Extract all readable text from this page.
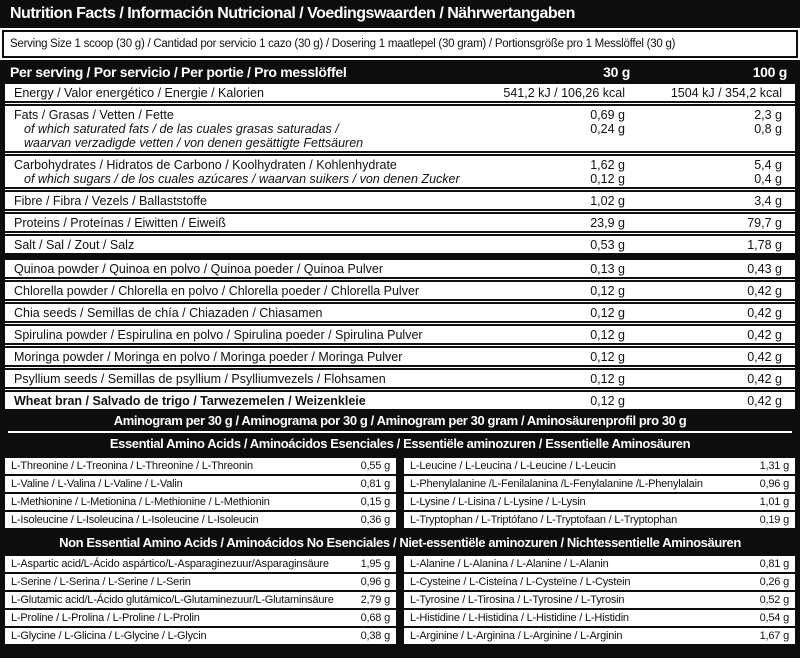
Nutrition Facts / Información Nutricional / Voedingswaarden / Nährwertangaben
Serving Size 1 scoop (30 g) / Cantidad por servicio 1 cazo (30 g) / Dosering 1 maatlepel (30 gram) / Portionsgröße pro 1 Messlöffel (30 g)
Per serving / Por servicio / Per portie / Pro messlöffel	30 g	100 g
Energy / Valor energético / Energie / Kalorien	541,2 kJ / 106,26 kcal	1504 kJ / 354,2 kcal
Fats / Grasas / Vetten / Fette	0,69 g	2,3 g
of which saturated fats / de las cuales grasas saturadas /	0,24 g	0,8 g
waarvan verzadigde vetten / von denen gesättigte Fettsäuren
Carbohydrates / Hidratos de Carbono / Koolhydraten / Kohlenhydrate	1,62 g	5,4 g
of which sugars / de los cuales azúcares / waarvan suikers / von denen Zucker	0,12 g	0,4 g
Fibre / Fibra / Vezels / Ballaststoffe	1,02 g	3,4 g
Proteins / Proteínas / Eiwitten / Eiweiß	23,9 g	79,7 g
Salt / Sal / Zout / Salz	0,53 g	1,78 g
Quinoa powder / Quinoa en polvo / Quinoa poeder / Quinoa Pulver	0,13 g	0,43 g
Chlorella powder / Chlorella en polvo / Chlorella poeder / Chlorella Pulver	0,12 g	0,42 g
Chia seeds / Semillas de chía / Chiazaden / Chiasamen	0,12 g	0,42 g
Spirulina powder / Espirulina en polvo / Spirulina poeder / Spirulina Pulver	0,12 g	0,42 g
Moringa powder / Moringa en polvo / Moringa poeder / Moringa Pulver	0,12 g	0,42 g
Psyllium seeds / Semillas de psyllium / Psylliumvezels / Flohsamen	0,12 g	0,42 g
Wheat bran / Salvado de trigo / Tarwezemelen / Weizenkleie	0,12 g	0,42 g
Aminogram per 30 g / Aminograma por 30 g / Aminogram per 30 gram / Aminosäurenprofil pro 30 g
Essential Amino Acids / Aminoácidos Esenciales / Essentiële aminozuren / Essentielle Aminosäuren
L-Threonine / L-Treonina / L-Threonine / L-Threonin	0,55 g L-Leucine / L-Leucina / L-Leucine / L-Leucin	1,31 g
L-Valine / L-Valina / L-Valine / L-Valin	0,81 g L-Phenylalanine /L-Fenilalanina /L-Fenylalanine /L-Phenylalain	0,96 g
L-Methionine / L-Metionina / L-Methionine / L-Methionin	0,15 g L-Lysine / L-Lisina / L-Lysine / L-Lysin	1,01 g
L-Isoleucine / L-Isoleucina / L-Isoleucine / L-Isoleucin	0,36 g L-Tryptophan / L-Triptófano / L-Tryptofaan / L-Tryptophan	0,19 g
Non Essential Amino Acids / Aminoácidos No Esenciales / Niet-essentiële aminozuren / Nichtessentielle Aminosäuren
L-Aspartic acid/L-Ácido aspártico/L-Asparaginezuur/Asparaginsäure	1,95 g L-Alanine / L-Alanina / L-Alanine / L-Alanin	0,81 g
L-Serine / L-Serina / L-Serine / L-Serin	0,96 g L-Cysteine / L-Cisteína / L-Cysteïne / L-Cystein	0,26 g
L-Glutamic acid/L-Ácido glutámico/L-Glutaminezuur/L-Glutaminsäure	2,79 g L-Tyrosine / L-Tirosina / L-Tyrosine / L-Tyrosin	0,52 g
L-Proline / L-Prolina / L-Proline / L-Prolin	0,68 g L-Histidine / L-Histidina / L-Histidine / L-Histidin	0,54 g
L-Glycine / L-Glicina / L-Glycine / L-Glycin	0,38 g L-Arginine / L-Arginina / L-Arginine / L-Arginin	1,67 g
